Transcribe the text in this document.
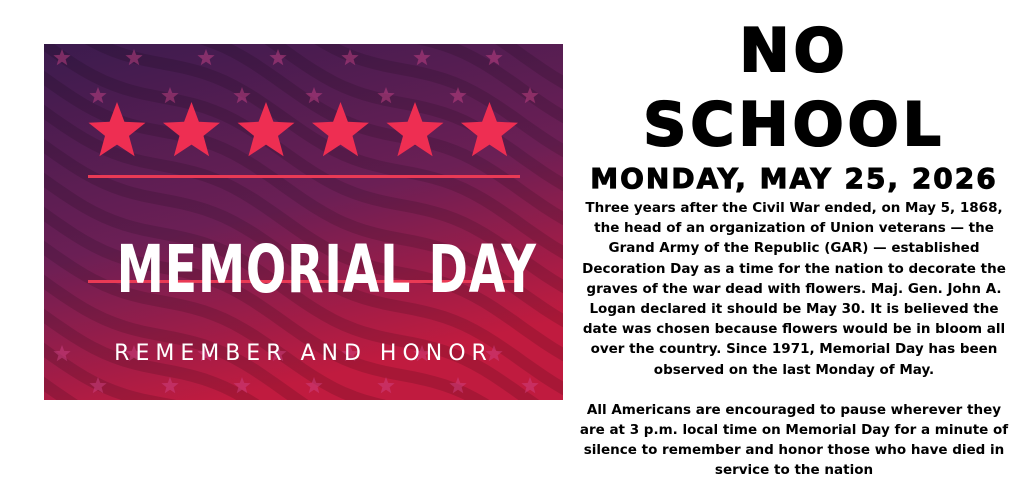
MEMORIAL DAY
REMEMBER AND HONOR
NO SCHOOL
MONDAY, MAY 25, 2026

Three years after the Civil War ended, on May 5, 1868, the head of an organization of Union veterans — the Grand Army of the Republic (GAR) — established Decoration Day as a time for the nation to decorate the graves of the war dead with flowers. Maj. Gen. John A. Logan declared it should be May 30. It is believed the date was chosen because flowers would be in bloom all over the country. Since 1971, Memorial Day has been observed on the last Monday of May.

All Americans are encouraged to pause wherever they are at 3 p.m. local time on Memorial Day for a minute of silence to remember and honor those who have died in service to the nation
